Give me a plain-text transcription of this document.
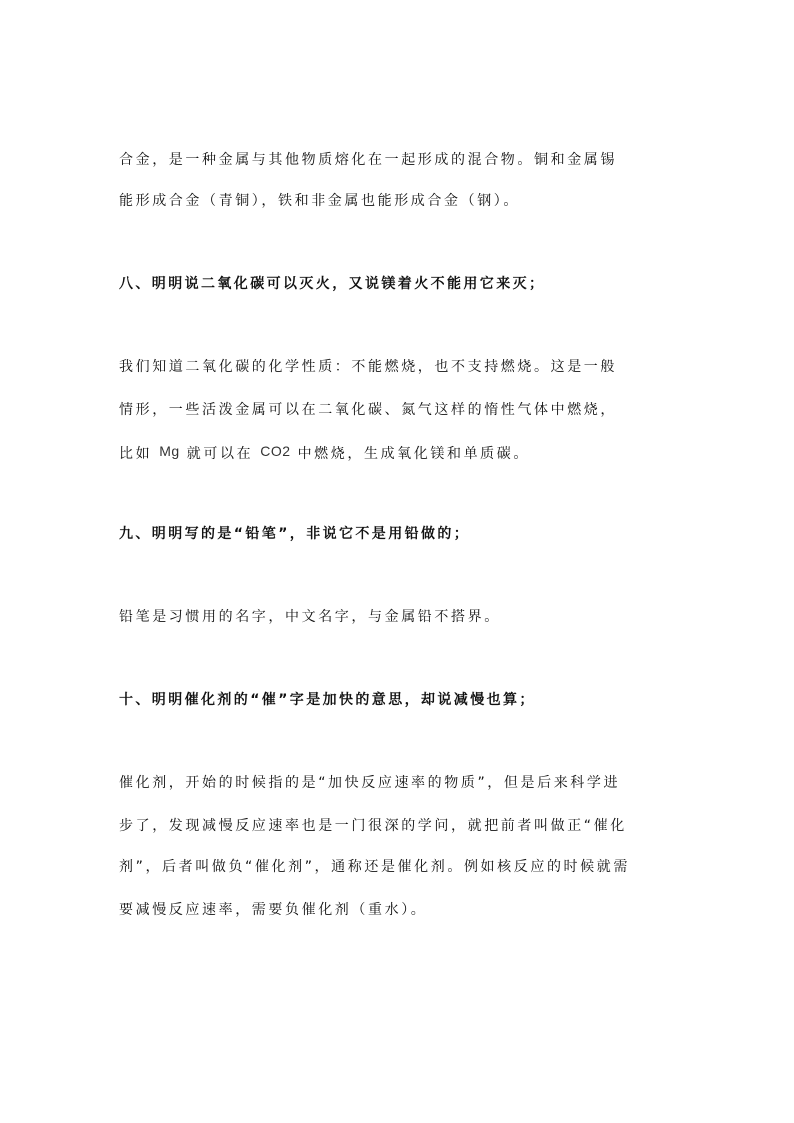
合金，是一种金属与其他物质熔化在一起形成的混合物。铜和金属锡
能形成合金（青铜），铁和非金属也能形成合金（钢）。
八、明明说二氧化碳可以灭火，又说镁着火不能用它来灭；
我们知道二氧化碳的化学性质：不能燃烧，也不支持燃烧。这是一般
情形，一些活泼金属可以在二氧化碳、氮气这样的惰性气体中燃烧，
比如 Mg 就可以在 CO2 中燃烧，生成氧化镁和单质碳。
九、明明写的是“铅笔”，非说它不是用铅做的；
铅笔是习惯用的名字，中文名字，与金属铅不搭界。
十、明明催化剂的“催”字是加快的意思，却说减慢也算；
催化剂，开始的时候指的是“加快反应速率的物质”，但是后来科学进
步了，发现减慢反应速率也是一门很深的学问，就把前者叫做正“催化
剂”，后者叫做负“催化剂”，通称还是催化剂。例如核反应的时候就需
要减慢反应速率，需要负催化剂（重水）。
